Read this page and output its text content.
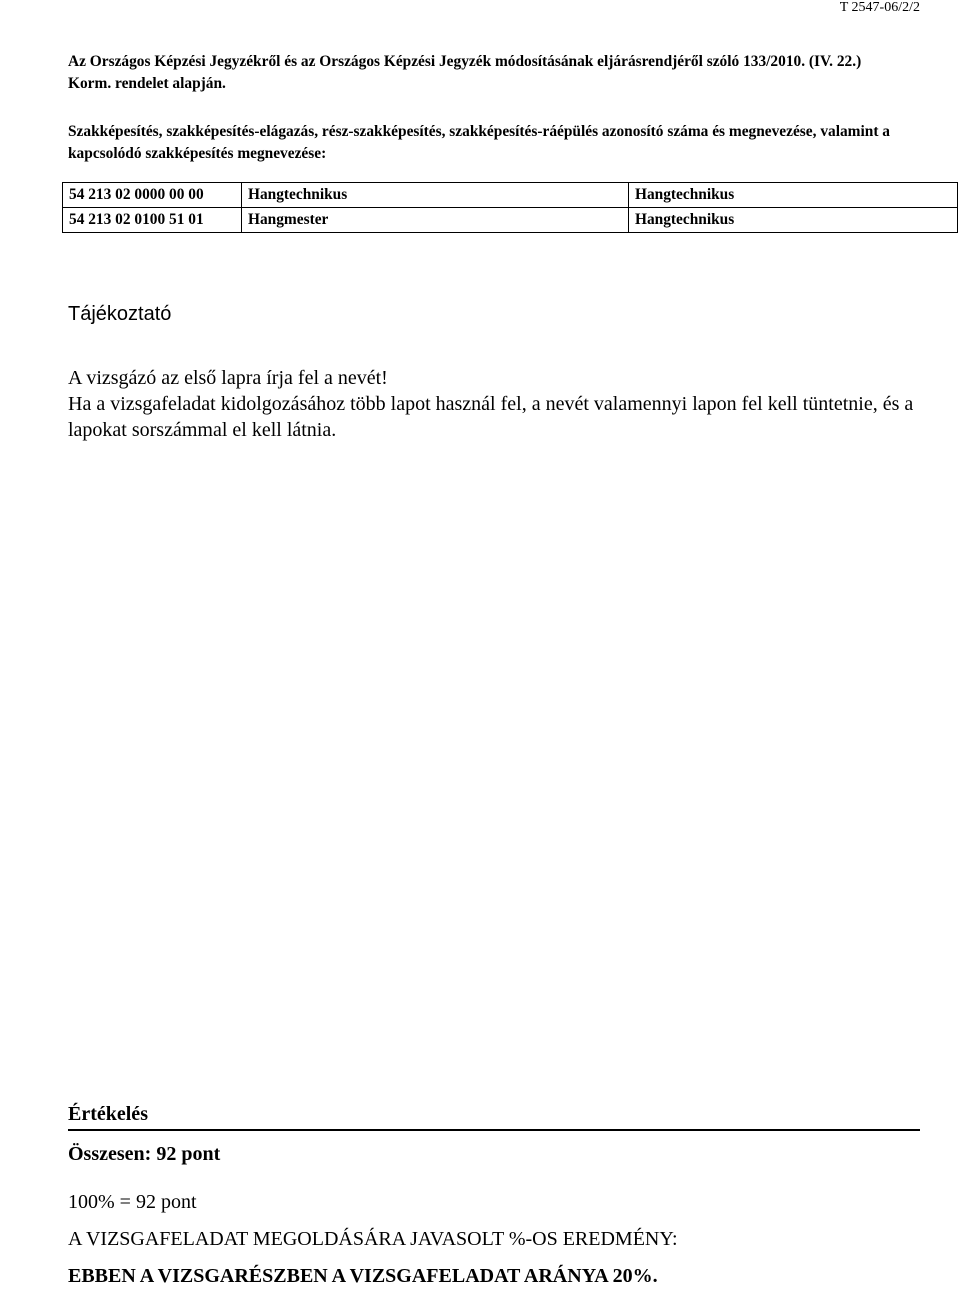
T 2547-06/2/2
Az Országos Képzési Jegyzékről és az Országos Képzési Jegyzék módosításának eljárásrendjéről szóló 133/2010. (IV. 22.) Korm. rendelet alapján.
Szakképesítés, szakképesítés-elágazás, rész-szakképesítés, szakképesítés-ráépülés azonosító száma és megnevezése, valamint a kapcsolódó szakképesítés megnevezése:
54 213 02 0000 00 00	Hangtechnikus	Hangtechnikus
54 213 02 0100 51 01	Hangmester	Hangtechnikus
Tájékoztató

A vizsgázó az első lapra írja fel a nevét!

Ha a vizsgafeladat kidolgozásához több lapot használ fel, a nevét valamennyi lapon fel kell tüntetnie, és a lapokat sorszámmal el kell látnia.

Értékelés
Összesen: 92 pont
100% = 92 pont
A VIZSGAFELADAT MEGOLDÁSÁRA JAVASOLT %-OS EREDMÉNY:
EBBEN A VIZSGARÉSZBEN A VIZSGAFELADAT ARÁNYA 20%.
